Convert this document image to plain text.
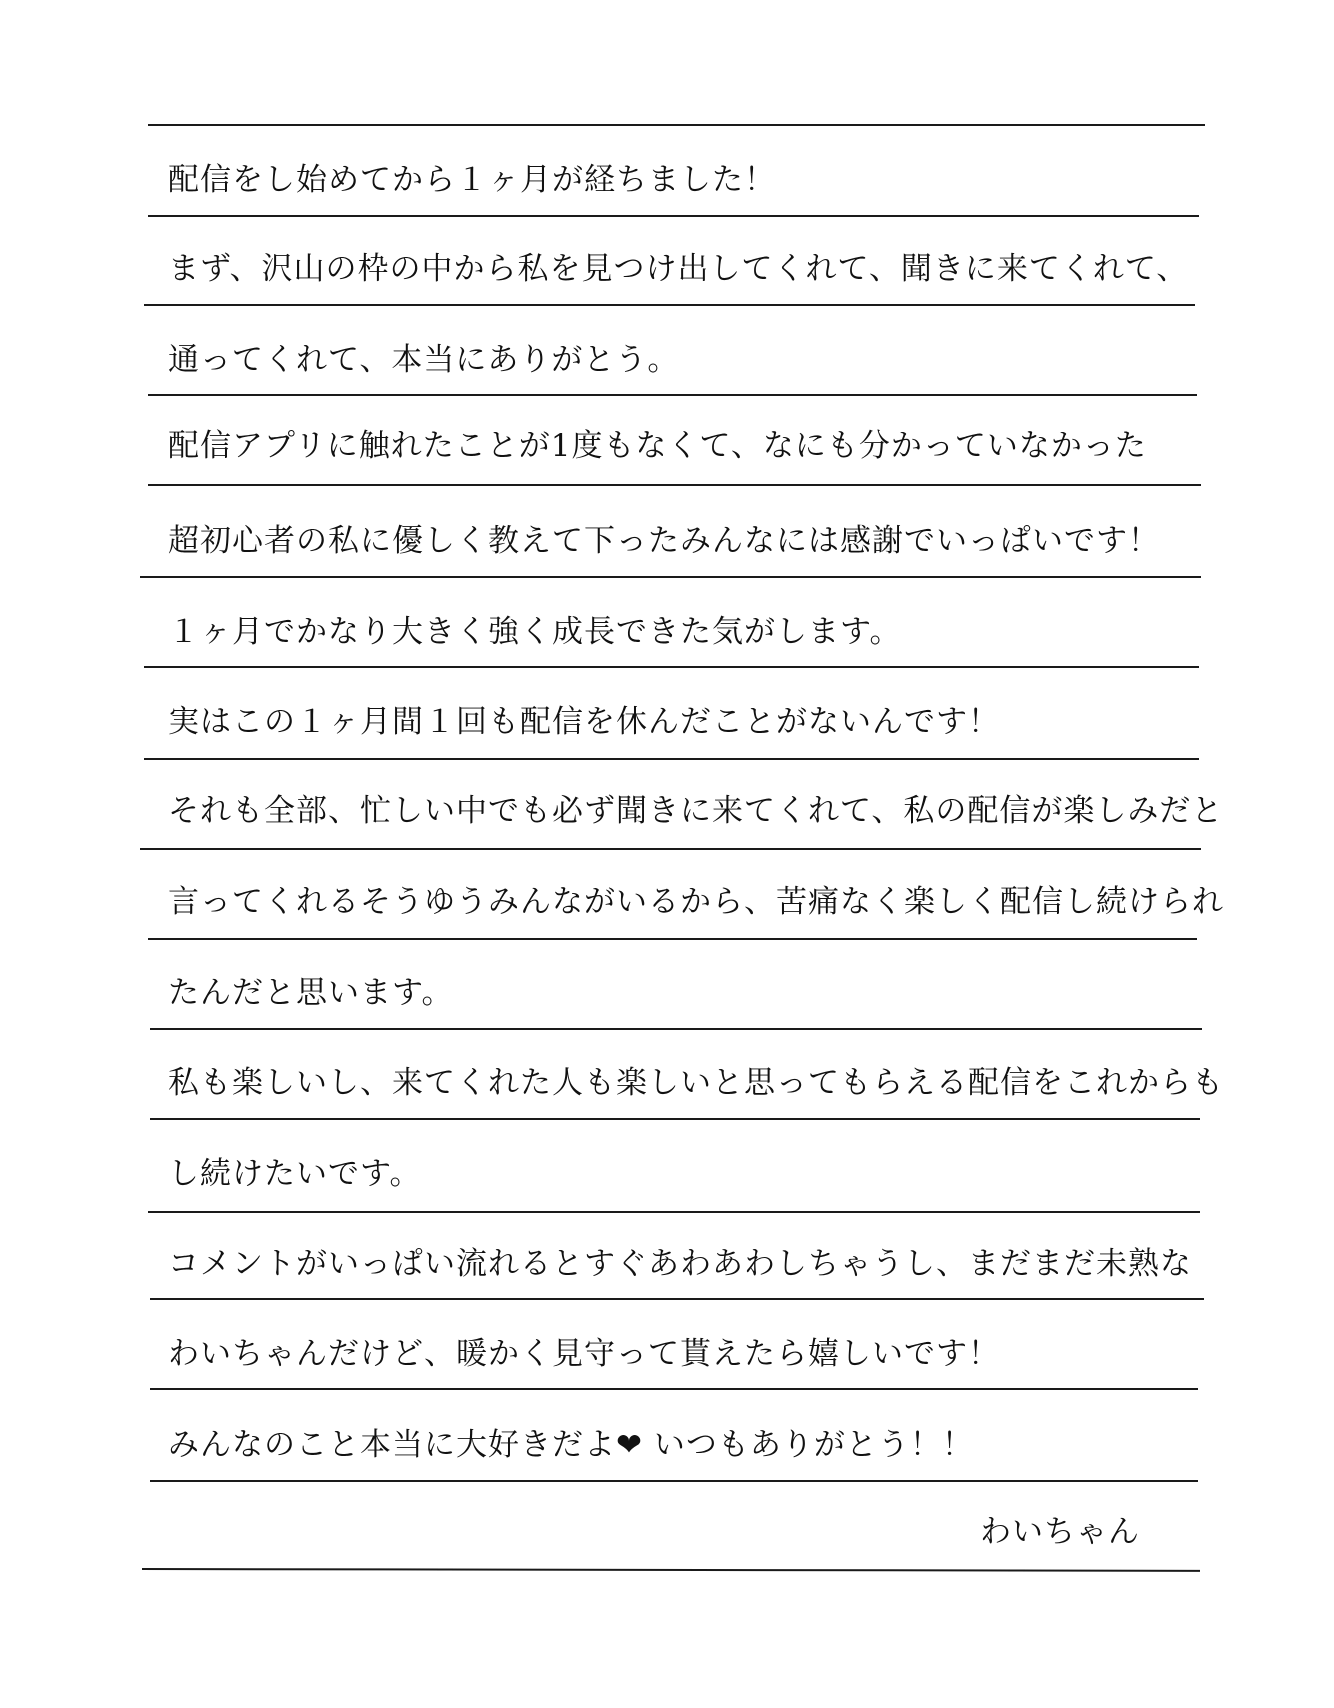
配信をし始めてから１ヶ月が経ちました！
まず、沢山の枠の中から私を見つけ出してくれて、聞きに来てくれて、
通ってくれて、本当にありがとう。
配信アプリに触れたことが1度もなくて、なにも分かっていなかった
超初心者の私に優しく教えて下ったみんなには感謝でいっぱいです！
１ヶ月でかなり大きく強く成長できた気がします。
実はこの１ヶ月間１回も配信を休んだことがないんです！
それも全部、忙しい中でも必ず聞きに来てくれて、私の配信が楽しみだと
言ってくれるそうゆうみんながいるから、苦痛なく楽しく配信し続けられ
たんだと思います。
私も楽しいし、来てくれた人も楽しいと思ってもらえる配信をこれからも
し続けたいです。
コメントがいっぱい流れるとすぐあわあわしちゃうし、まだまだ未熟な
わいちゃんだけど、暖かく見守って貰えたら嬉しいです！
みんなのこと本当に大好きだよ❤︎ いつもありがとう！！
わいちゃん
